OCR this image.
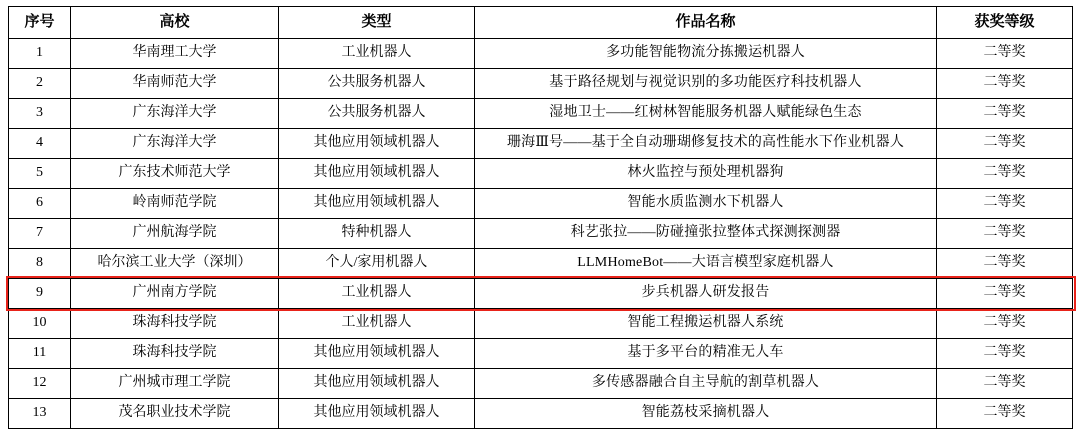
序号	高校	类型	作品名称	获奖等级
1	华南理工大学	工业机器人	多功能智能物流分拣搬运机器人	二等奖
2	华南师范大学	公共服务机器人	基于路径规划与视觉识别的多功能医疗科技机器人	二等奖
3	广东海洋大学	公共服务机器人	湿地卫士——红树林智能服务机器人赋能绿色生态	二等奖
4	广东海洋大学	其他应用领域机器人	珊海Ⅲ号——基于全自动珊瑚修复技术的高性能水下作业机器人	二等奖
5	广东技术师范大学	其他应用领域机器人	林火监控与预处理机器狗	二等奖
6	岭南师范学院	其他应用领域机器人	智能水质监测水下机器人	二等奖
7	广州航海学院	特种机器人	科艺张拉——防碰撞张拉整体式探测探测器	二等奖
8	哈尔滨工业大学（深圳）	个人/家用机器人	LLMHomeBot——大语言模型家庭机器人	二等奖
9	广州南方学院	工业机器人	步兵机器人研发报告	二等奖
10	珠海科技学院	工业机器人	智能工程搬运机器人系统	二等奖
11	珠海科技学院	其他应用领域机器人	基于多平台的精准无人车	二等奖
12	广州城市理工学院	其他应用领域机器人	多传感器融合自主导航的割草机器人	二等奖
13	茂名职业技术学院	其他应用领域机器人	智能荔枝采摘机器人	二等奖
